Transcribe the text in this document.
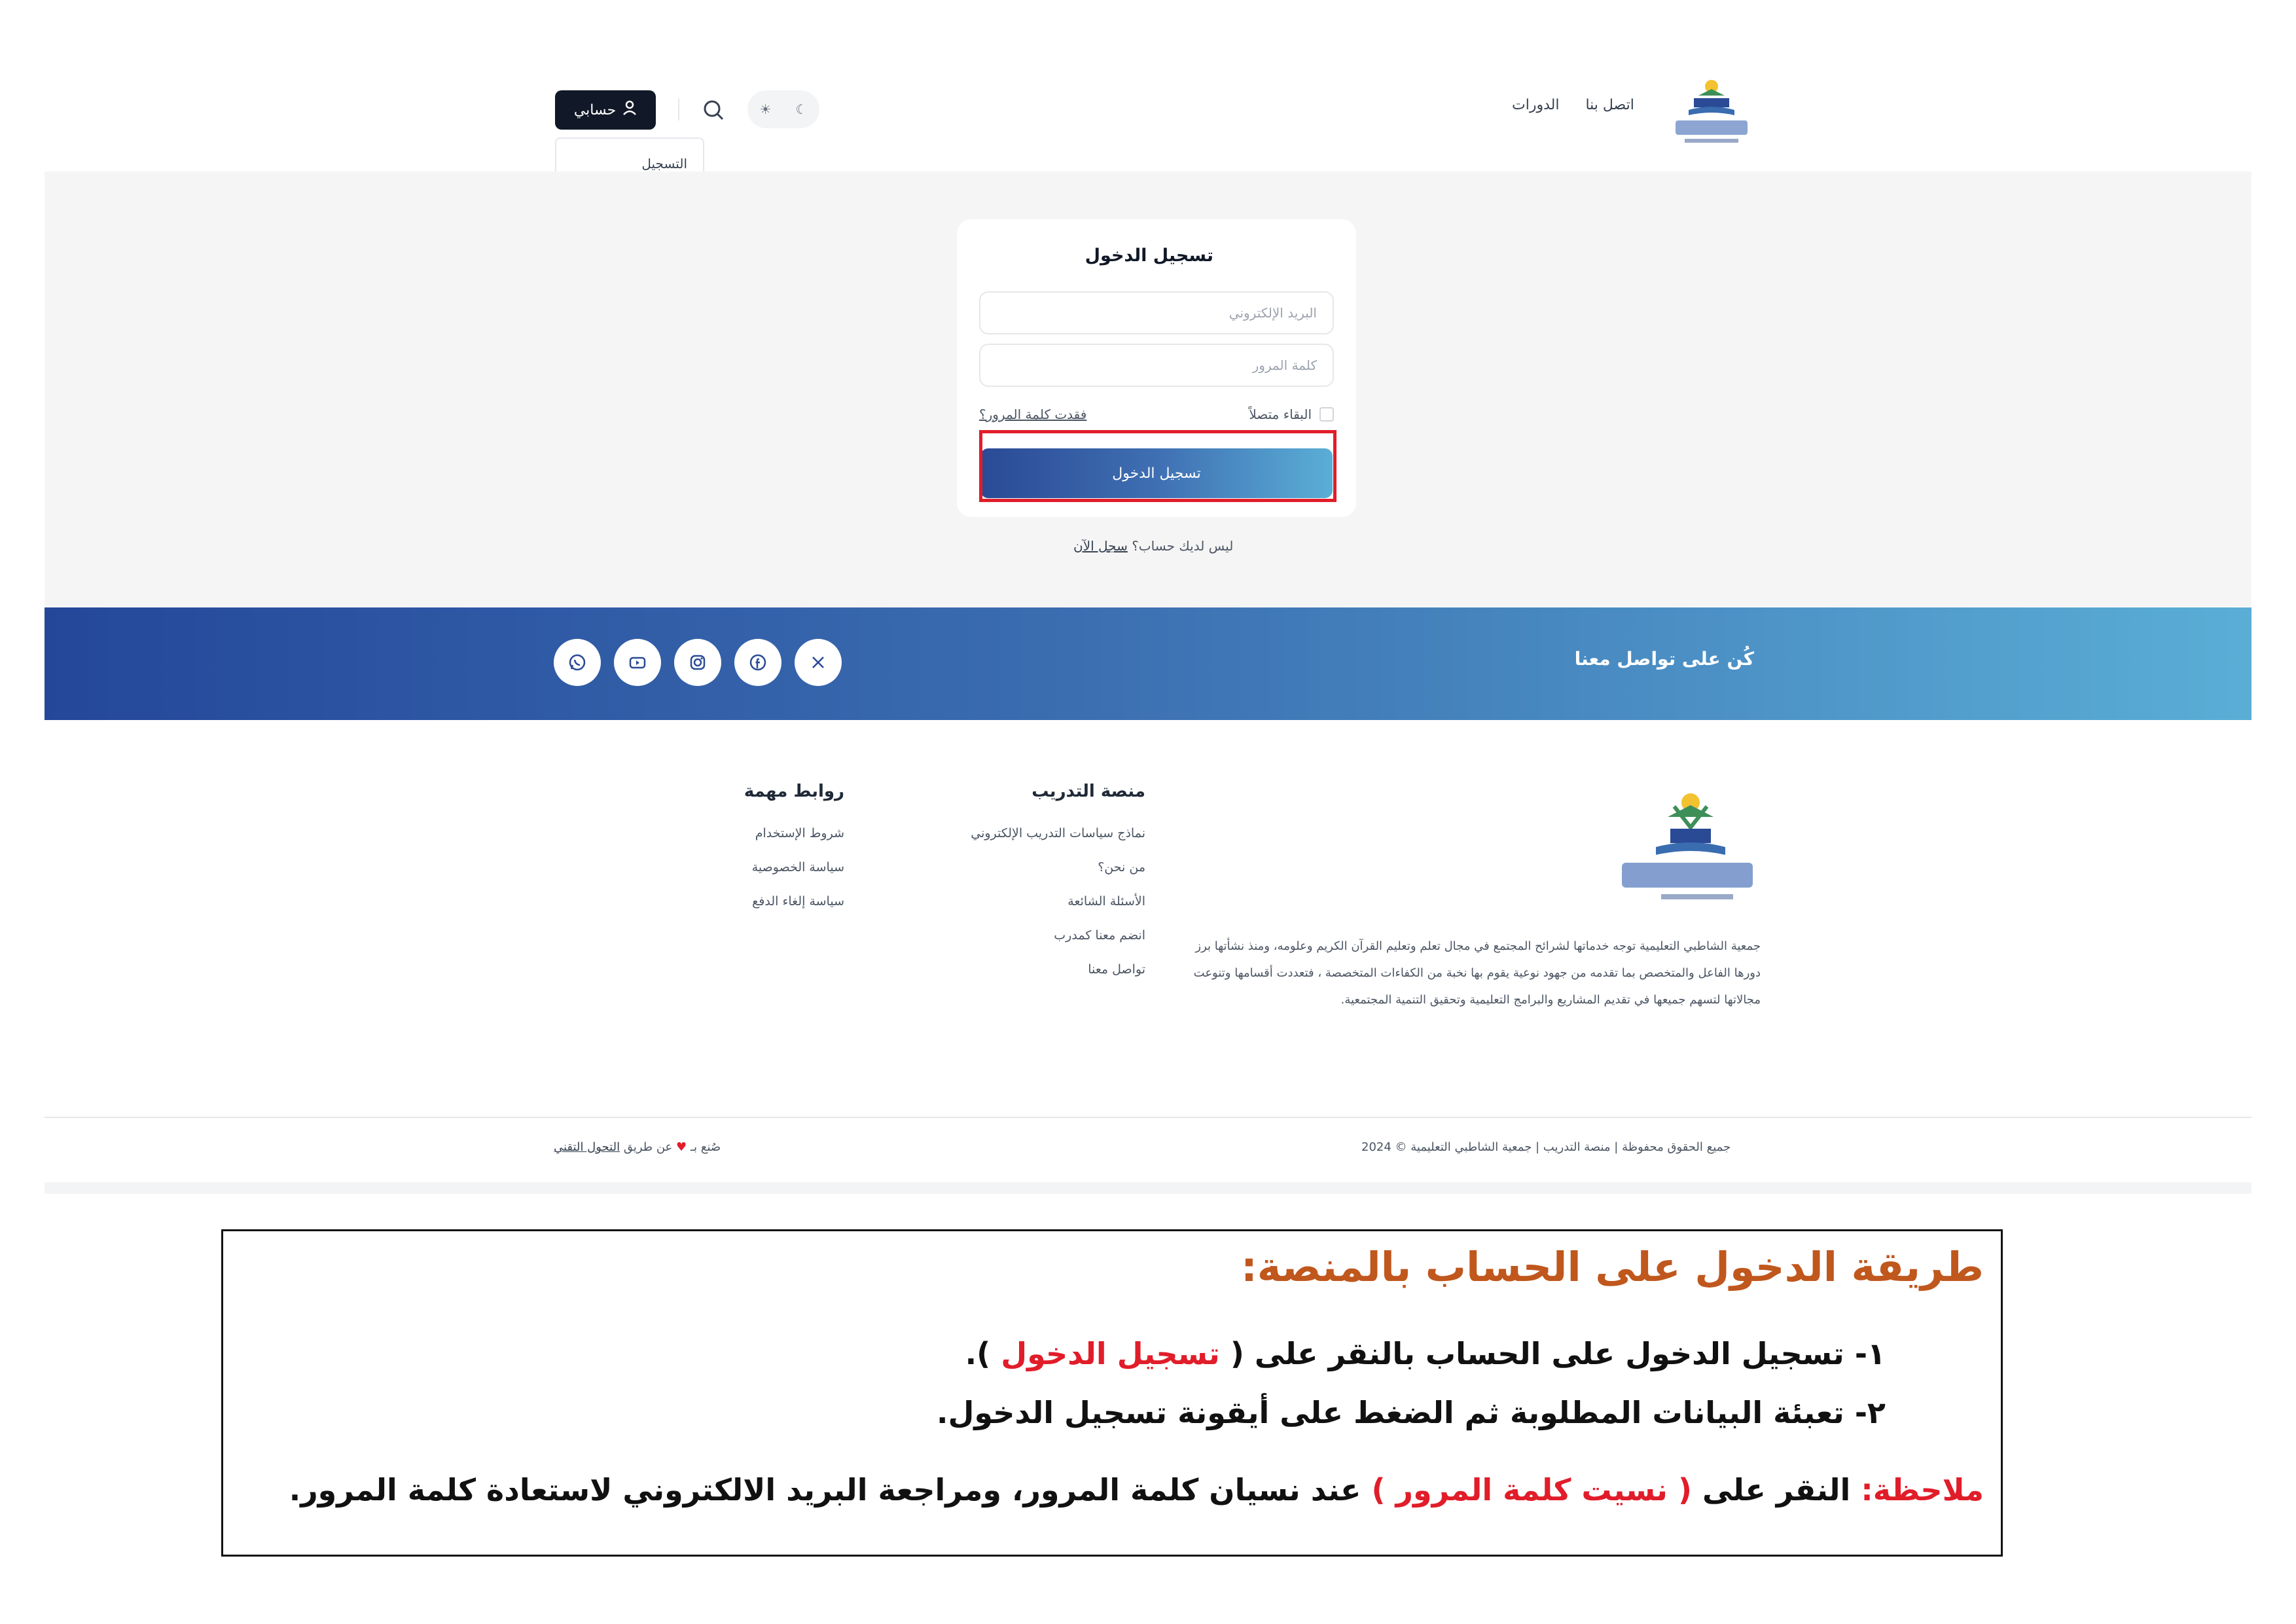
اتصل بنا
الدورات
☀ ☾
حسابي
التسجيل
تسجيل الدخول
البريد الإلكتروني
كلمة المرور
البقاء متصلاً
فقدت كلمة المرور؟
تسجيل الدخول
ليس لديك حساب؟ سجل الآن
كُن على تواصل معنا
جمعية الشاطبي التعليمية توجه خدماتها لشرائح المجتمع في مجال تعلم وتعليم القرآن الكريم وعلومه، ومنذ نشأتها برز دورها الفاعل والمتخصص بما تقدمه من جهود نوعية يقوم بها نخبة من الكفاءات المتخصصة ، فتعددت أقسامها وتنوعت مجالاتها لتسهم جميعها في تقديم المشاريع والبرامج التعليمية وتحقيق التنمية المجتمعية.
منصة التدريب
نماذج سياسات التدريب الإلكتروني
من نحن؟
الأسئلة الشائعة
انضم معنا كمدرب
تواصل معنا
روابط مهمة
شروط الإستخدام
سياسة الخصوصية
سياسة إلغاء الدفع
جميع الحقوق محفوظة | منصة التدريب | جمعية الشاطبي التعليمية © 2024
صُنع بـ ♥ عن طريق التحول التقني
طريقة الدخول على الحساب بالمنصة:
١- تسجيل الدخول على الحساب بالنقر على ( تسجيل الدخول ).
٢- تعبئة البيانات المطلوبة ثم الضغط على أيقونة تسجيل الدخول.
ملاحظة: النقر على ( نسيت كلمة المرور ) عند نسيان كلمة المرور، ومراجعة البريد الالكتروني لاستعادة كلمة المرور.
